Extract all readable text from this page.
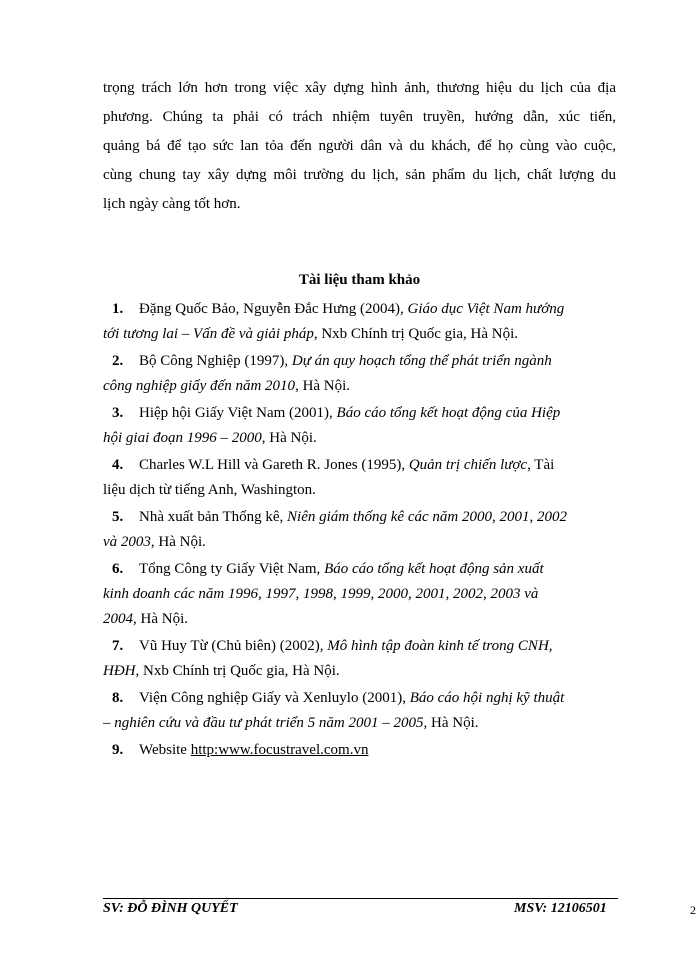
trọng trách lớn hơn trong việc xây dựng hình ảnh, thương hiệu du lịch của địa
phương. Chúng ta phải có trách nhiệm tuyên truyền, hướng dẫn, xúc tiến,
quảng bá để tạo sức lan tỏa đến người dân và du khách, để họ cùng vào cuộc,
cùng chung tay xây dựng môi trường du lịch, sản phẩm du lịch, chất lượng du
lịch ngày càng tốt hơn.

Tài liệu tham khảo
1. Đặng Quốc Bảo, Nguyễn Đắc Hưng (2004), Giáo dục Việt Nam hướng
tới tương lai – Vấn đề và giải pháp, Nxb Chính trị Quốc gia, Hà Nội.
2. Bộ Công Nghiệp (1997), Dự án quy hoạch tổng thể phát triển ngành
công nghiệp giấy đến năm 2010, Hà Nội.
3. Hiệp hội Giấy Việt Nam (2001), Báo cáo tổng kết hoạt động của Hiệp
hội giai đoạn 1996 – 2000, Hà Nội.
4. Charles W.L Hill và Gareth R. Jones (1995), Quản trị chiến lược, Tài
liệu dịch từ tiếng Anh, Washington.
5. Nhà xuất bản Thống kê, Niên giám thống kê các năm 2000, 2001, 2002
và 2003, Hà Nội.
6. Tổng Công ty Giấy Việt Nam, Báo cáo tổng kết hoạt động sản xuất
kinh doanh các năm 1996, 1997, 1998, 1999, 2000, 2001, 2002, 2003 và
2004, Hà Nội.
7. Vũ Huy Từ (Chủ biên) (2002), Mô hình tập đoàn kinh tế trong CNH,
HĐH, Nxb Chính trị Quốc gia, Hà Nội.
8. Viện Công nghiệp Giấy và Xenluylo (2001), Báo cáo hội nghị kỹ thuật
– nghiên cứu và đầu tư phát triển 5 năm 2001 – 2005, Hà Nội.
9. Website http:www.focustravel.com.vn
SV: ĐỖ ĐÌNH QUYẾT	MSV: 12106501	2
